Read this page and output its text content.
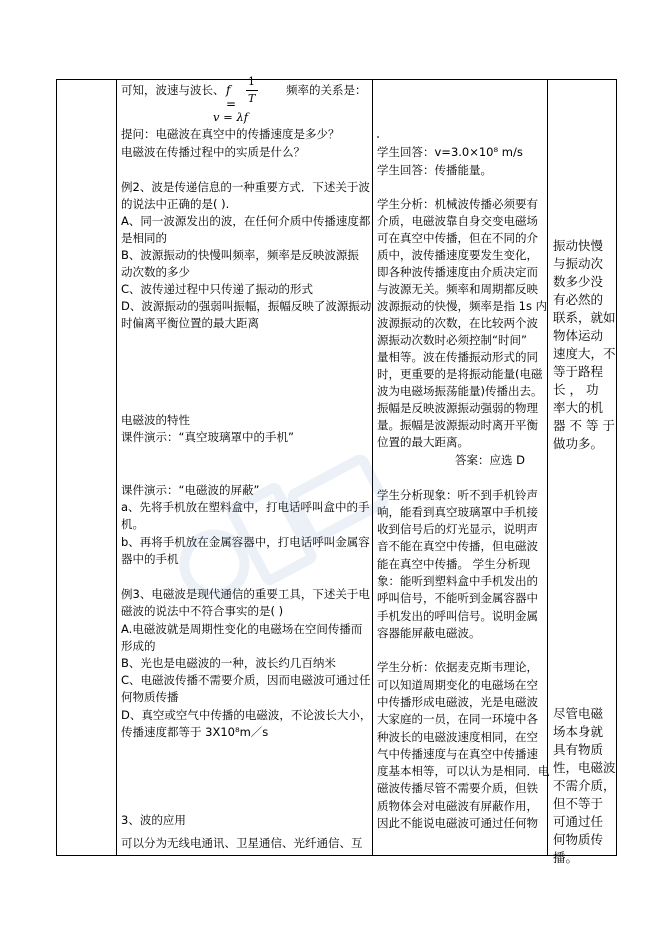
可知，波速与波长、 f =
1
T
频率的关系是：
v = λf
提问：电磁波在真空中的传播速度是多少？
电磁波在传播过程中的实质是什么？
例2、波是传递信息的一种重要方式．下述关于波
的说法中正确的是( ).
A、同一波源发出的波，在任何介质中传播速度都
是相同的
B、波源振动的快慢叫频率，频率是反映波源振
动次数的多少
C、波传递过程中只传递了振动的形式
D、波源振动的强弱叫振幅，振幅反映了波源振动
时偏离平衡位置的最大距离
电磁波的特性
课件演示：“真空玻璃罩中的手机”
课件演示：“电磁波的屏蔽”
a、先将手机放在塑料盒中，打电话呼叫盒中的手
机。
b、再将手机放在金属容器中，打电话呼叫金属容
器中的手机
例3、电磁波是现代通信的重要工具，下述关于电
磁波的说法中不符合事实的是( )
A.电磁波就是周期性变化的电磁场在空间传播而
形成的
B、光也是电磁波的一种，波长约几百纳米
C、电磁波传播不需要介质，因而电磁波可通过任
何物质传播
D、真空或空气中传播的电磁波，不论波长大小，
传播速度都等于 3X10⁸m／s
3、波的应用
可以分为无线电通讯、卫星通信、光纤通信、互
学生回答：v=3.0×10⁸ m/s
学生回答：传播能量。
学生分析：机械波传播必须要有
介质，电磁波靠自身交变电磁场
可在真空中传播，但在不同的介
质中，波传播速度要发生变化，
即各种波传播速度由介质决定而
与波源无关。频率和周期都反映
波源振动的快慢，频率是指 1s 内
波源振动的次数，在比较两个波
源振动次数时必须控制“时间”
量相等。波在传播振动形式的同
时，更重要的是将振动能量(电磁
波为电磁场振荡能量)传播出去。
振幅是反映波源振动强弱的物理
量。振幅是波源振动时离开平衡
位置的最大距离。
答案：应选 D
学生分析现象：听不到手机铃声
响，能看到真空玻璃罩中手机接
收到信号后的灯光显示，说明声
音不能在真空中传播，但电磁波
能在真空中传播。 学生分析现
象：能听到塑料盒中手机发出的
呼叫信号，不能听到金属容器中
手机发出的呼叫信号。说明金属
容器能屏蔽电磁波。
学生分析：依据麦克斯韦理论，
可以知道周期变化的电磁场在空
中传播形成电磁波，光是电磁波
大家庭的一员，在同一环境中各
种波长的电磁波速度相同，在空
气中传播速度与在真空中传播速
度基本相等，可以认为是相同．电
磁波传播尽管不需要介质，但铁
质物体会对电磁波有屏蔽作用，
因此不能说电磁波可通过任何物
振动快慢
与振动次
数多少没
有必然的
联系，就如
物体运动
速度大，不
等于路程
长 ， 功
率大的机
器 不 等 于
做功多。
尽管电磁
场本身就
具有物质
性，电磁波
不需介质，
但不等于
可通过任
何物质传
播。
